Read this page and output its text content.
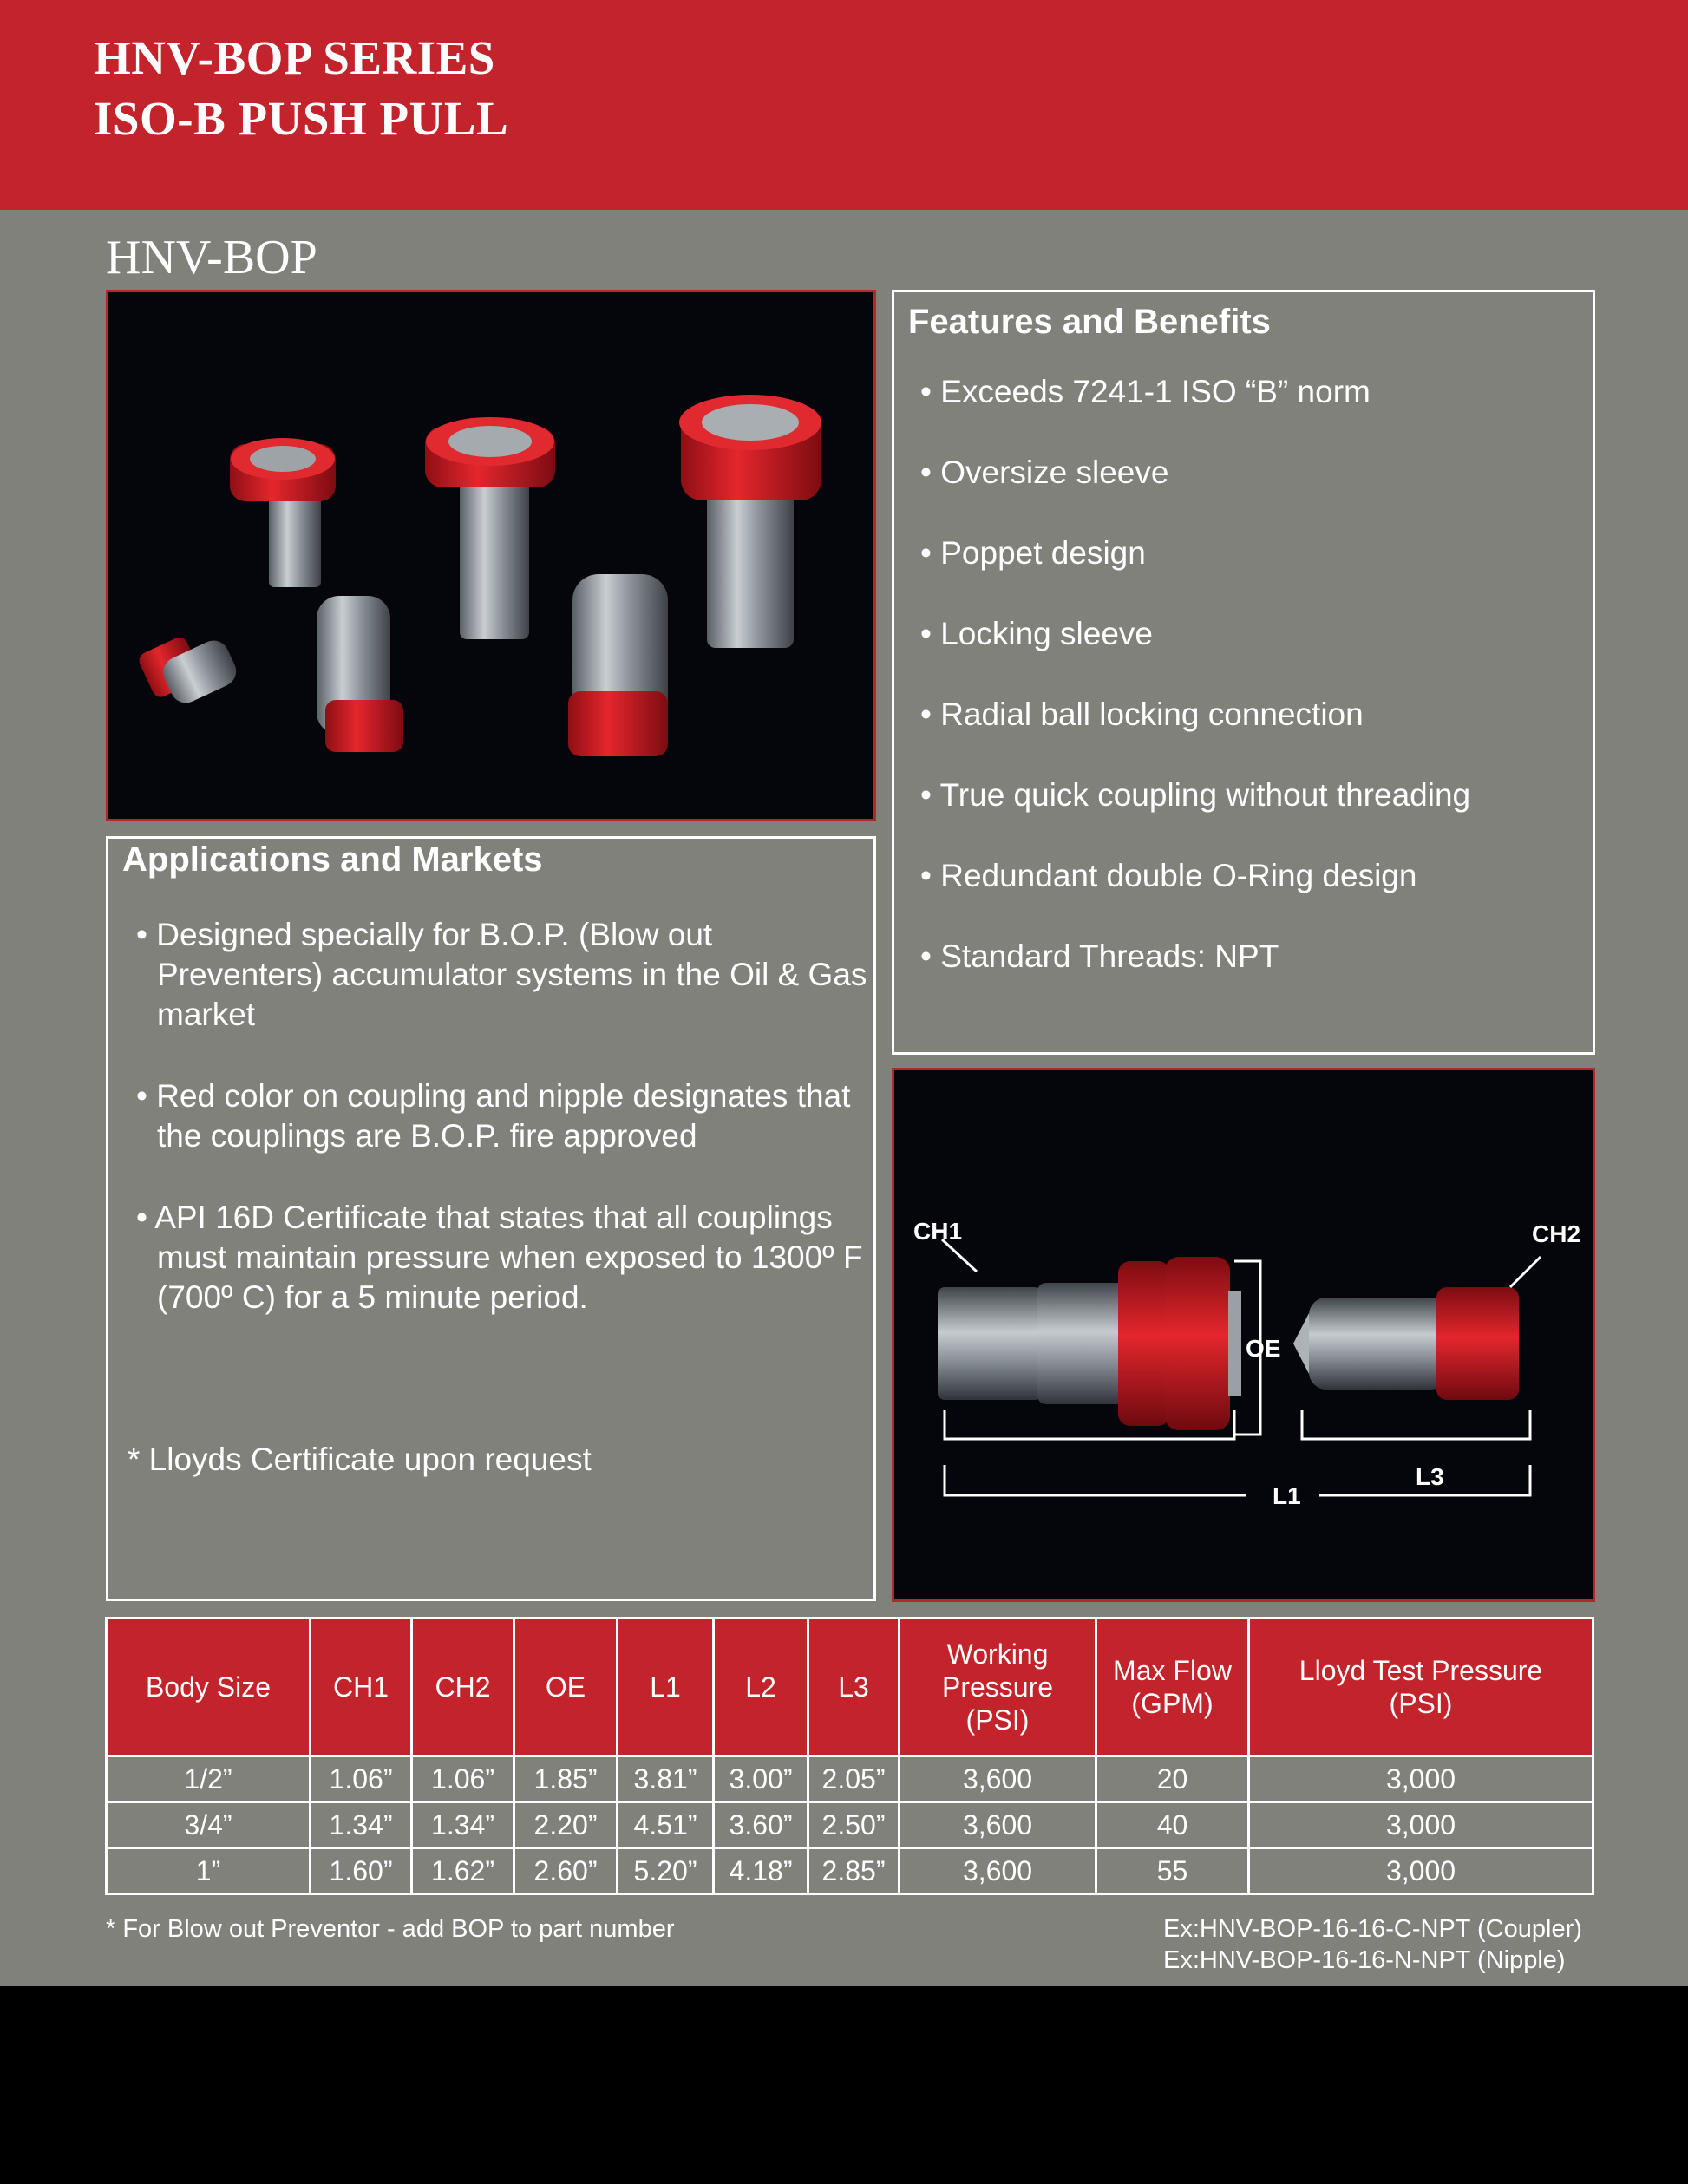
HNV-BOP SERIES
ISO-B PUSH PULL
HNV-BOP
Features and Benefits
• Exceeds 7241-1 ISO “B” norm
• Oversize sleeve
• Poppet design
• Locking sleeve
• Radial ball locking connection
• True quick coupling without threading
• Redundant double O-Ring design
• Standard Threads: NPT
Applications and Markets
• Designed specially for B.O.P. (Blow out Preventers) accumulator systems in the Oil & Gas market
• Red color on coupling and nipple designates that the couplings are B.O.P. fire approved
• API 16D Certificate that states that all couplings must maintain pressure when exposed to 1300º F (700º C) for a 5 minute period.
* Lloyds Certificate upon request
CH1	CH2
OE
L1
L3
Body Size	CH1	CH2	OE	L1	L2	L3	Working Pressure (PSI)	Max Flow (GPM)	Lloyd Test Pressure (PSI)
1/2”	1.06”	1.06”	1.85”	3.81”	3.00”	2.05”	3,600	20	3,000
3/4”	1.34”	1.34”	2.20”	4.51”	3.60”	2.50”	3,600	40	3,000
1”	1.60”	1.62”	2.60”	5.20”	4.18”	2.85”	3,600	55	3,000
* For Blow out Preventor - add BOP to part number	Ex:HNV-BOP-16-16-C-NPT (Coupler)
Ex:HNV-BOP-16-16-N-NPT (Nipple)
